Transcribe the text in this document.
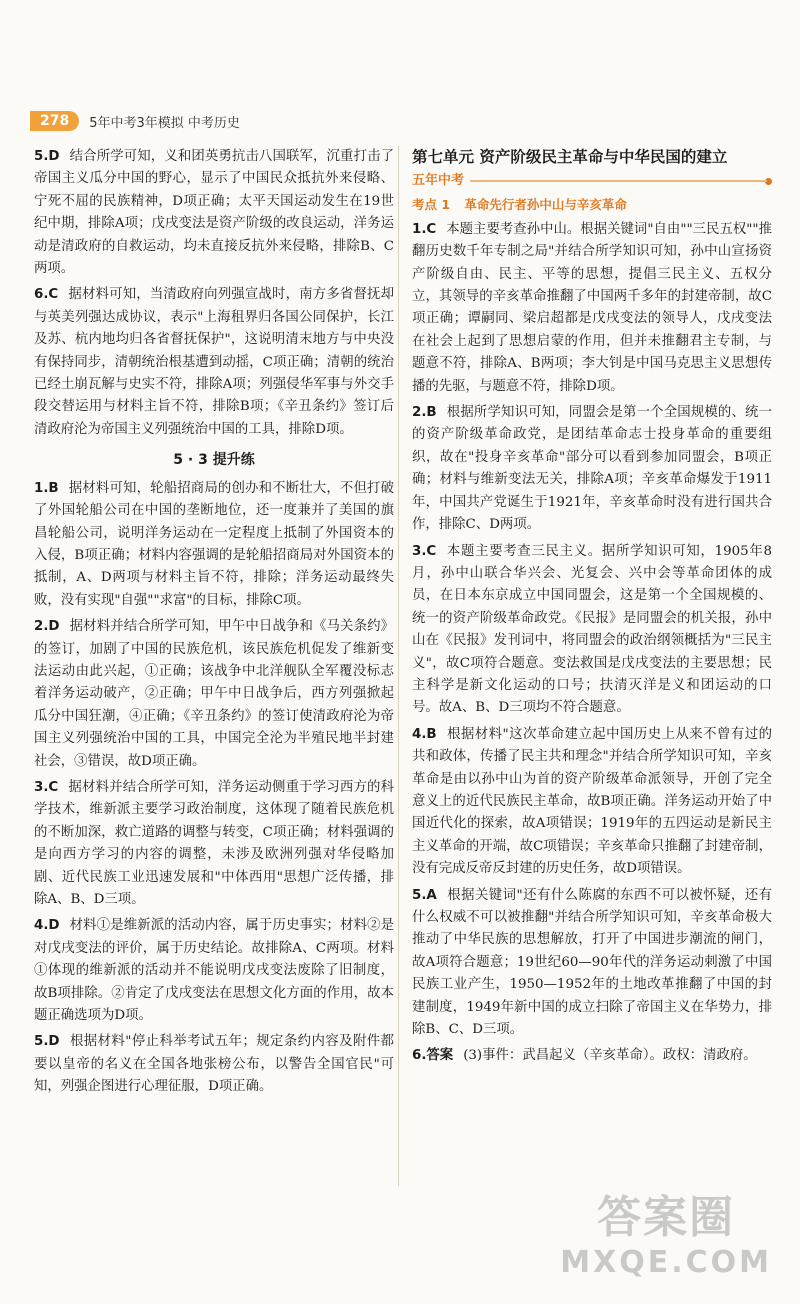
278	5年中考3年模拟 中考历史
5.D 结合所学可知，义和团英勇抗击八国联军，沉重打击了帝国主义瓜分中国的野心，显示了中国民众抵抗外来侵略、宁死不屈的民族精神，D项正确；太平天国运动发生在19世纪中期，排除A项；戊戌变法是资产阶级的改良运动，洋务运动是清政府的自救运动，均未直接反抗外来侵略，排除B、C两项。
6.C 据材料可知，当清政府向列强宣战时，南方多省督抚却与英美列强达成协议，表示"上海租界归各国公同保护，长江及苏、杭内地均归各省督抚保护"，这说明清末地方与中央没有保持同步，清朝统治根基遭到动摇，C项正确；清朝的统治已经土崩瓦解与史实不符，排除A项；列强侵华军事与外交手段交替运用与材料主旨不符，排除B项；《辛丑条约》签订后清政府沦为帝国主义列强统治中国的工具，排除D项。
5 · 3 提升练
1.B 据材料可知，轮船招商局的创办和不断壮大，不但打破了外国轮船公司在中国的垄断地位，还一度兼并了美国的旗昌轮船公司，说明洋务运动在一定程度上抵制了外国资本的入侵，B项正确；材料内容强调的是轮船招商局对外国资本的抵制，A、D两项与材料主旨不符，排除；洋务运动最终失败，没有实现"自强""求富"的目标，排除C项。
2.D 据材料并结合所学可知，甲午中日战争和《马关条约》的签订，加剧了中国的民族危机，该民族危机促发了维新变法运动由此兴起，①正确；该战争中北洋舰队全军覆没标志着洋务运动破产，②正确；甲午中日战争后，西方列强掀起瓜分中国狂潮，④正确；《辛丑条约》的签订使清政府沦为帝国主义列强统治中国的工具，中国完全沦为半殖民地半封建社会，③错误，故D项正确。
3.C 据材料并结合所学可知，洋务运动侧重于学习西方的科学技术，维新派主要学习政治制度，这体现了随着民族危机的不断加深，救亡道路的调整与转变，C项正确；材料强调的是向西方学习的内容的调整，未涉及欧洲列强对华侵略加剧、近代民族工业迅速发展和"中体西用"思想广泛传播，排除A、B、D三项。
4.D 材料①是维新派的活动内容，属于历史事实；材料②是对戊戌变法的评价，属于历史结论。故排除A、C两项。材料①体现的维新派的活动并不能说明戊戌变法废除了旧制度，故B项排除。②肯定了戊戌变法在思想文化方面的作用，故本题正确选项为D项。
5.D 根据材料"停止科举考试五年；规定条约内容及附件都要以皇帝的名义在全国各地张榜公布，以警告全国官民"可知，列强企图进行心理征服，D项正确。
第七单元 资产阶级民主革命与中华民国的建立
五年中考
考点 1 革命先行者孙中山与辛亥革命
1.C 本题主要考查孙中山。根据关键词"自由""三民五权""推翻历史数千年专制之局"并结合所学知识可知，孙中山宣扬资产阶级自由、民主、平等的思想，提倡三民主义、五权分立，其领导的辛亥革命推翻了中国两千多年的封建帝制，故C项正确；谭嗣同、梁启超都是戊戌变法的领导人，戊戌变法在社会上起到了思想启蒙的作用，但并未推翻君主专制，与题意不符，排除A、B两项；李大钊是中国马克思主义思想传播的先驱，与题意不符，排除D项。
2.B 根据所学知识可知，同盟会是第一个全国规模的、统一的资产阶级革命政党，是团结革命志士投身革命的重要组织，故在"投身辛亥革命"部分可以看到参加同盟会，B项正确；材料与维新变法无关，排除A项；辛亥革命爆发于1911年，中国共产党诞生于1921年，辛亥革命时没有进行国共合作，排除C、D两项。
3.C 本题主要考查三民主义。据所学知识可知，1905年8月，孙中山联合华兴会、光复会、兴中会等革命团体的成员，在日本东京成立中国同盟会，这是第一个全国规模的、统一的资产阶级革命政党。《民报》是同盟会的机关报，孙中山在《民报》发刊词中，将同盟会的政治纲领概括为"三民主义"，故C项符合题意。变法救国是戊戌变法的主要思想；民主科学是新文化运动的口号；扶清灭洋是义和团运动的口号。故A、B、D三项均不符合题意。
4.B 根据材料"这次革命建立起中国历史上从来不曾有过的共和政体，传播了民主共和理念"并结合所学知识可知，辛亥革命是由以孙中山为首的资产阶级革命派领导，开创了完全意义上的近代民族民主革命，故B项正确。洋务运动开始了中国近代化的探索，故A项错误；1919年的五四运动是新民主主义革命的开端，故C项错误；辛亥革命只推翻了封建帝制，没有完成反帝反封建的历史任务，故D项错误。
5.A 根据关键词"还有什么陈腐的东西不可以被怀疑，还有什么权威不可以被推翻"并结合所学知识可知，辛亥革命极大推动了中华民族的思想解放，打开了中国进步潮流的闸门，故A项符合题意；19世纪60—90年代的洋务运动刺激了中国民族工业产生，1950—1952年的土地改革推翻了中国的封建制度，1949年新中国的成立扫除了帝国主义在华势力，排除B、C、D三项。
6.答案 (3)事件：武昌起义（辛亥革命）。政权：清政府。
答案圈
MXQE.COM
